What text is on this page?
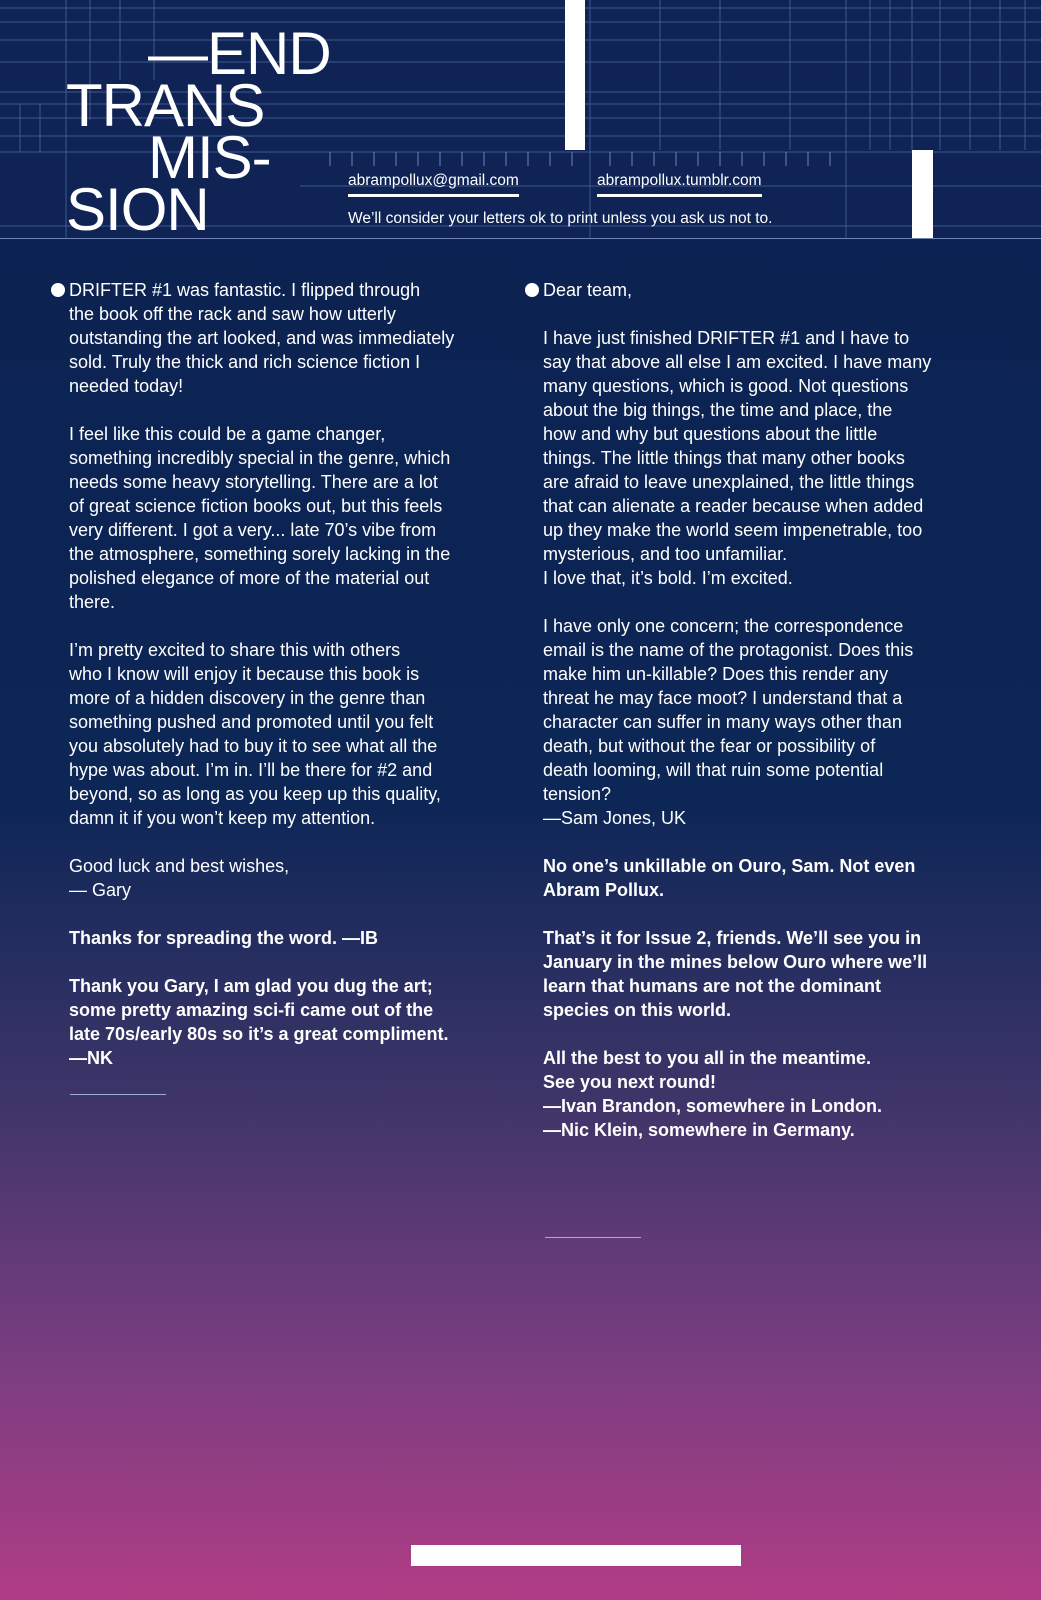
—END
TRANS
MIS-
SION	abrampollux@gmail.com	abrampollux.tumblr.com
We’ll consider your letters ok to print unless you ask us not to.

DRIFTER #1 was fantastic. I flipped through
the book off the rack and saw how utterly
outstanding the art looked, and was immediately
sold. Truly the thick and rich science fiction I
needed today!

I feel like this could be a game changer,
something incredibly special in the genre, which
needs some heavy storytelling. There are a lot
of great science fiction books out, but this feels
very different. I got a very... late 70’s vibe from
the atmosphere, something sorely lacking in the
polished elegance of more of the material out
there.

I’m pretty excited to share this with others
who I know will enjoy it because this book is
more of a hidden discovery in the genre than
something pushed and promoted until you felt
you absolutely had to buy it to see what all the
hype was about. I’m in. I’ll be there for #2 and
beyond, so as long as you keep up this quality,
damn it if you won’t keep my attention.

Good luck and best wishes,
— Gary

Thanks for spreading the word. —IB

Thank you Gary, I am glad you dug the art;
some pretty amazing sci-fi came out of the
late 70s/early 80s so it’s a great compliment.
—NK

Dear team,

I have just finished DRIFTER #1 and I have to
say that above all else I am excited. I have many
many questions, which is good. Not questions
about the big things, the time and place, the
how and why but questions about the little
things. The little things that many other books
are afraid to leave unexplained, the little things
that can alienate a reader because when added
up they make the world seem impenetrable, too
mysterious, and too unfamiliar.
I love that, it’s bold. I’m excited.

I have only one concern; the correspondence
email is the name of the protagonist. Does this
make him un-killable? Does this render any
threat he may face moot? I understand that a
character can suffer in many ways other than
death, but without the fear or possibility of
death looming, will that ruin some potential
tension?
—Sam Jones, UK

No one’s unkillable on Ouro, Sam. Not even
Abram Pollux.

That’s it for Issue 2, friends. We’ll see you in
January in the mines below Ouro where we’ll
learn that humans are not the dominant
species on this world.

All the best to you all in the meantime.
See you next round!
—Ivan Brandon, somewhere in London.
—Nic Klein, somewhere in Germany.
